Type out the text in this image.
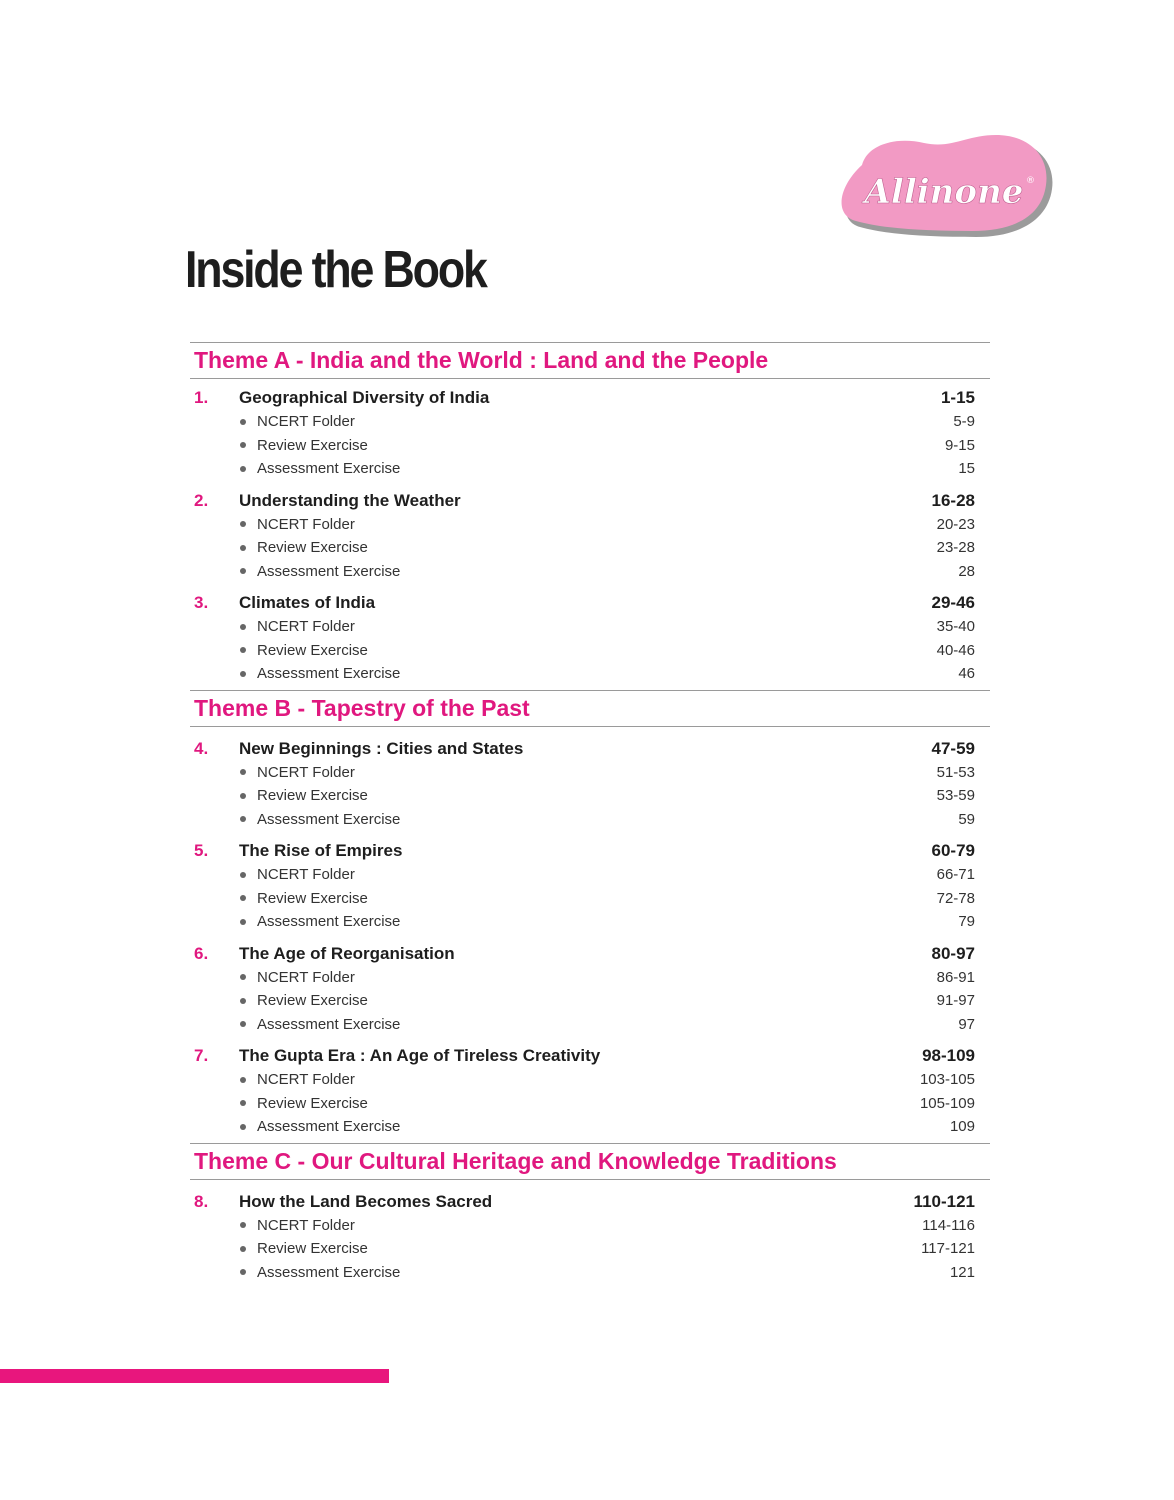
Allinone ®
Inside the Book
Theme A - India and the World : Land and the People
1.	Geographical Diversity of India	1-15
NCERT Folder	5-9
Review Exercise	9-15
Assessment Exercise	15
2.	Understanding the Weather	16-28
NCERT Folder	20-23
Review Exercise	23-28
Assessment Exercise	28
3.	Climates of India	29-46
NCERT Folder	35-40
Review Exercise	40-46
Assessment Exercise	46
Theme B - Tapestry of the Past
4.	New Beginnings : Cities and States	47-59
NCERT Folder	51-53
Review Exercise	53-59
Assessment Exercise	59
5.	The Rise of Empires	60-79
NCERT Folder	66-71
Review Exercise	72-78
Assessment Exercise	79
6.	The Age of Reorganisation	80-97
NCERT Folder	86-91
Review Exercise	91-97
Assessment Exercise	97
7.	The Gupta Era : An Age of Tireless Creativity	98-109
NCERT Folder	103-105
Review Exercise	105-109
Assessment Exercise	109
Theme C - Our Cultural Heritage and Knowledge Traditions
8.	How the Land Becomes Sacred	110-121
NCERT Folder	114-116
Review Exercise	117-121
Assessment Exercise	121
